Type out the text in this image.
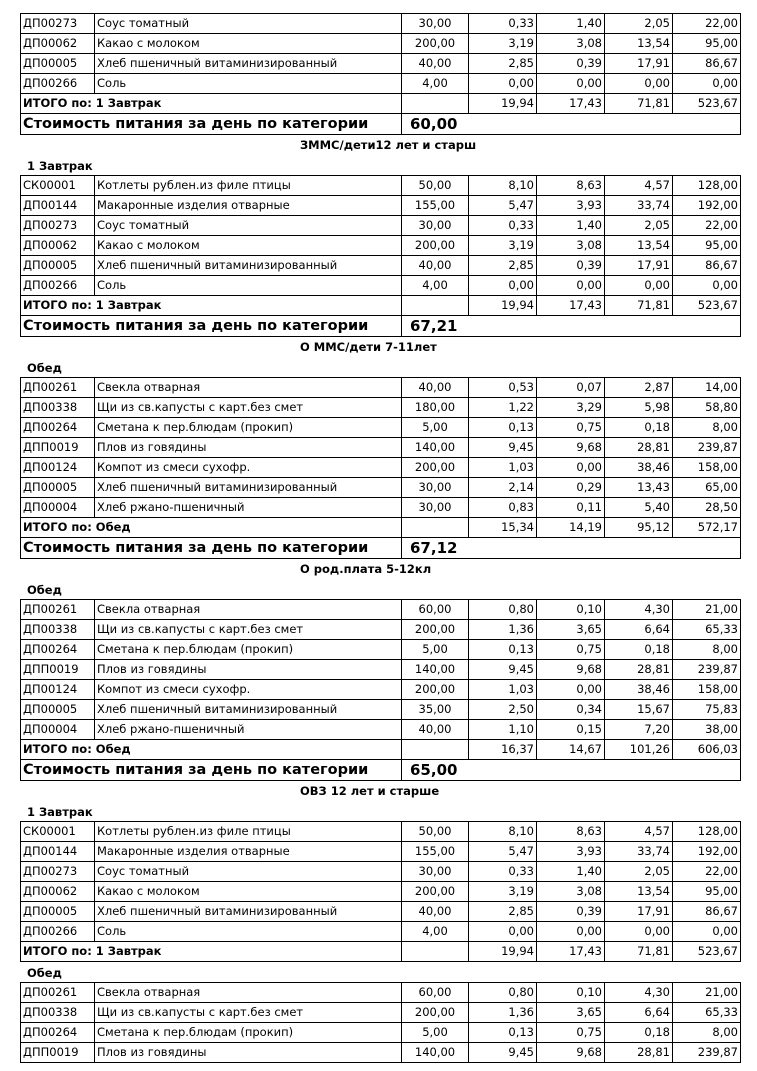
ДП00273	Соус томатный	30,00	0,33	1,40	2,05	22,00
ДП00062	Какао с молоком	200,00	3,19	3,08	13,54	95,00
ДП00005	Хлеб пшеничный витаминизированный	40,00	2,85	0,39	17,91	86,67
ДП00266	Соль	4,00	0,00	0,00	0,00	0,00
ИТОГО по: 1 Завтрак			19,94	17,43	71,81	523,67
Стоимость питания за день по категории		60,00				
ЗММС/дети12 лет и старш
1 Завтрак
СК00001	Котлеты рублен.из филе птицы	50,00	8,10	8,63	4,57	128,00
ДП00144	Макаронные изделия отварные	155,00	5,47	3,93	33,74	192,00
ДП00273	Соус томатный	30,00	0,33	1,40	2,05	22,00
ДП00062	Какао с молоком	200,00	3,19	3,08	13,54	95,00
ДП00005	Хлеб пшеничный витаминизированный	40,00	2,85	0,39	17,91	86,67
ДП00266	Соль	4,00	0,00	0,00	0,00	0,00
ИТОГО по: 1 Завтрак			19,94	17,43	71,81	523,67
Стоимость питания за день по категории		67,21				
О ММС/дети 7-11лет
Обед
ДП00261	Свекла отварная	40,00	0,53	0,07	2,87	14,00
ДП00338	Щи из св.капусты с карт.без смет	180,00	1,22	3,29	5,98	58,80
ДП00264	Сметана к пер.блюдам (прокип)	5,00	0,13	0,75	0,18	8,00
ДПП0019	Плов из говядины	140,00	9,45	9,68	28,81	239,87
ДП00124	Компот из смеси сухофр.	200,00	1,03	0,00	38,46	158,00
ДП00005	Хлеб пшеничный витаминизированный	30,00	2,14	0,29	13,43	65,00
ДП00004	Хлеб ржано-пшеничный	30,00	0,83	0,11	5,40	28,50
ИТОГО по: Обед			15,34	14,19	95,12	572,17
Стоимость питания за день по категории		67,12				
О род.плата 5-12кл
Обед
ДП00261	Свекла отварная	60,00	0,80	0,10	4,30	21,00
ДП00338	Щи из св.капусты с карт.без смет	200,00	1,36	3,65	6,64	65,33
ДП00264	Сметана к пер.блюдам (прокип)	5,00	0,13	0,75	0,18	8,00
ДПП0019	Плов из говядины	140,00	9,45	9,68	28,81	239,87
ДП00124	Компот из смеси сухофр.	200,00	1,03	0,00	38,46	158,00
ДП00005	Хлеб пшеничный витаминизированный	35,00	2,50	0,34	15,67	75,83
ДП00004	Хлеб ржано-пшеничный	40,00	1,10	0,15	7,20	38,00
ИТОГО по: Обед			16,37	14,67	101,26	606,03
Стоимость питания за день по категории		65,00				
ОВЗ 12 лет и старше
1 Завтрак
СК00001	Котлеты рублен.из филе птицы	50,00	8,10	8,63	4,57	128,00
ДП00144	Макаронные изделия отварные	155,00	5,47	3,93	33,74	192,00
ДП00273	Соус томатный	30,00	0,33	1,40	2,05	22,00
ДП00062	Какао с молоком	200,00	3,19	3,08	13,54	95,00
ДП00005	Хлеб пшеничный витаминизированный	40,00	2,85	0,39	17,91	86,67
ДП00266	Соль	4,00	0,00	0,00	0,00	0,00
ИТОГО по: 1 Завтрак			19,94	17,43	71,81	523,67
Обед
ДП00261	Свекла отварная	60,00	0,80	0,10	4,30	21,00
ДП00338	Щи из св.капусты с карт.без смет	200,00	1,36	3,65	6,64	65,33
ДП00264	Сметана к пер.блюдам (прокип)	5,00	0,13	0,75	0,18	8,00
ДПП0019	Плов из говядины	140,00	9,45	9,68	28,81	239,87
